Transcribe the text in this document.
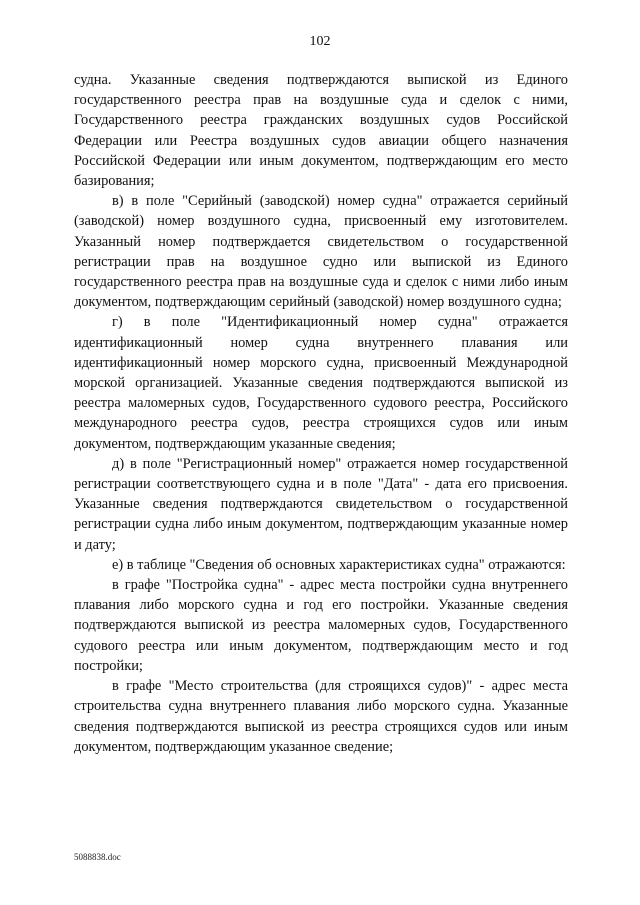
102

судна. Указанные сведения подтверждаются выпиской из Единого государственного реестра прав на воздушные суда и сделок с ними, Государственного реестра гражданских воздушных судов Российской Федерации или Реестра воздушных судов авиации общего назначения Российской Федерации или иным документом, подтверждающим его место базирования;

в) в поле "Серийный (заводской) номер судна" отражается серийный (заводской) номер воздушного судна, присвоенный ему изготовителем. Указанный номер подтверждается свидетельством о государственной регистрации прав на воздушное судно или выпиской из Единого государственного реестра прав на воздушные суда и сделок с ними либо иным документом, подтверждающим серийный (заводской) номер воздушного судна;

г) в поле "Идентификационный номер судна" отражается идентификационный номер судна внутреннего плавания или идентификационный номер морского судна, присвоенный Международной морской организацией. Указанные сведения подтверждаются выпиской из реестра маломерных судов, Государственного судового реестра, Российского международного реестра судов, реестра строящихся судов или иным документом, подтверждающим указанные сведения;

д) в поле "Регистрационный номер" отражается номер государственной регистрации соответствующего судна и в поле "Дата" - дата его присвоения. Указанные сведения подтверждаются свидетельством о государственной регистрации судна либо иным документом, подтверждающим указанные номер и дату;

е) в таблице "Сведения об основных характеристиках судна" отражаются:

в графе "Постройка судна" - адрес места постройки судна внутреннего плавания либо морского судна и год его постройки. Указанные сведения подтверждаются выпиской из реестра маломерных судов, Государственного судового реестра или иным документом, подтверждающим место и год постройки;

в графе "Место строительства (для строящихся судов)" - адрес места строительства судна внутреннего плавания либо морского судна. Указанные сведения подтверждаются выпиской из реестра строящихся судов или иным документом, подтверждающим указанное сведение;

5088838.doc
